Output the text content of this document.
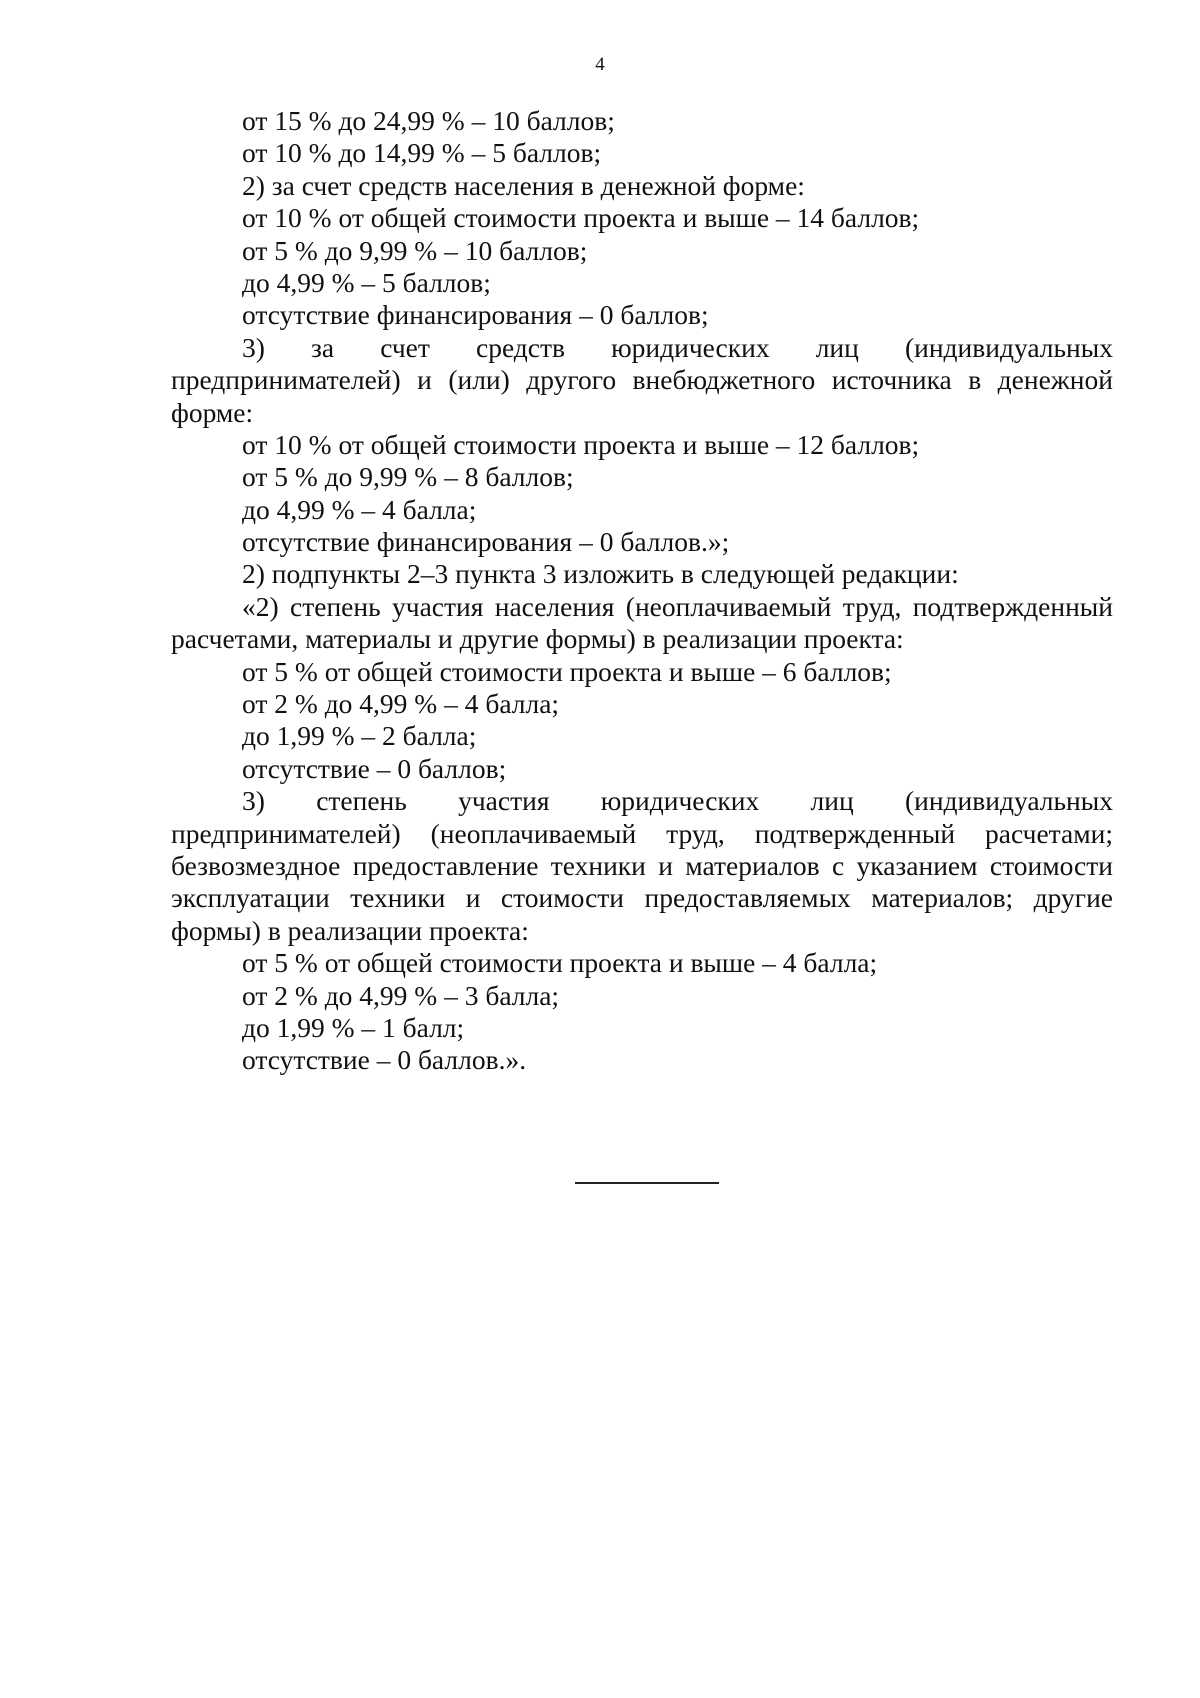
4

от 15 % до 24,99 % – 10 баллов;

от 10 % до 14,99 % – 5 баллов;

2) за счет средств населения в денежной форме:

от 10 % от общей стоимости проекта и выше – 14 баллов;

от 5 % до 9,99 % – 10 баллов;

до 4,99 % – 5 баллов;

отсутствие финансирования – 0 баллов;

3) за счет средств юридических лиц (индивидуальных

предпринимателей) и (или) другого внебюджетного источника в денежной

форме:

от 10 % от общей стоимости проекта и выше – 12 баллов;

от 5 % до 9,99 % – 8 баллов;

до 4,99 % – 4 балла;

отсутствие финансирования – 0 баллов.»;

2) подпункты 2–3 пункта 3 изложить в следующей редакции:

«2) степень участия населения (неоплачиваемый труд, подтвержденный

расчетами, материалы и другие формы) в реализации проекта:

от 5 % от общей стоимости проекта и выше – 6 баллов;

от 2 % до 4,99 % – 4 балла;

до 1,99 % – 2 балла;

отсутствие – 0 баллов;

3) степень участия юридических лиц (индивидуальных

предпринимателей) (неоплачиваемый труд, подтвержденный расчетами;

безвозмездное предоставление техники и материалов с указанием стоимости

эксплуатации техники и стоимости предоставляемых материалов; другие

формы) в реализации проекта:

от 5 % от общей стоимости проекта и выше – 4 балла;

от 2 % до 4,99 % – 3 балла;

до 1,99 % – 1 балл;

отсутствие – 0 баллов.».
